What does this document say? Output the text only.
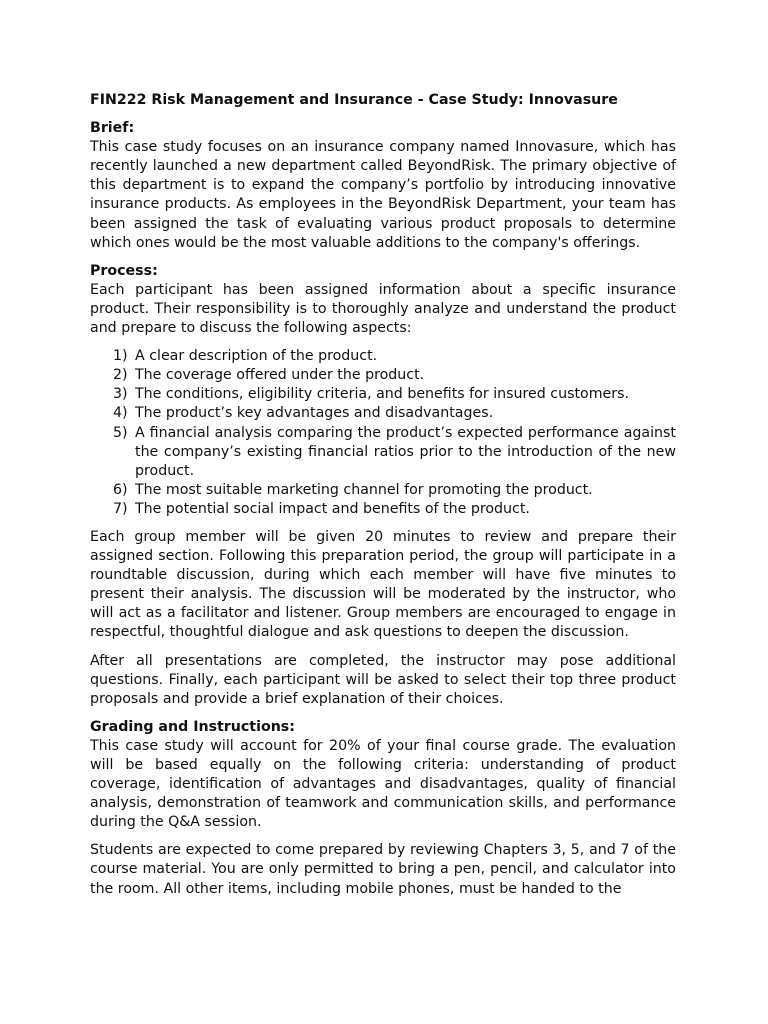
FIN222 Risk Management and Insurance - Case Study: Innovasure
Brief:

This case study focuses on an insurance company named Innovasure, which has recently launched a new department called BeyondRisk. The primary objective of this department is to expand the company’s portfolio by introducing innovative insurance products. As employees in the BeyondRisk Department, your team has been assigned the task of evaluating various product proposals to determine which ones would be the most valuable additions to the company's offerings.

Process:

Each participant has been assigned information about a specific insurance product. Their responsibility is to thoroughly analyze and understand the product and prepare to discuss the following aspects:

1) A clear description of the product.
2) The coverage offered under the product.
3) The conditions, eligibility criteria, and benefits for insured customers.
4) The product’s key advantages and disadvantages.
5) A financial analysis comparing the product’s expected performance against the company’s existing financial ratios prior to the introduction of the new product.
6) The most suitable marketing channel for promoting the product.
7) The potential social impact and benefits of the product.

Each group member will be given 20 minutes to review and prepare their assigned section. Following this preparation period, the group will participate in a roundtable discussion, during which each member will have five minutes to present their analysis. The discussion will be moderated by the instructor, who will act as a facilitator and listener. Group members are encouraged to engage in respectful, thoughtful dialogue and ask questions to deepen the discussion.

After all presentations are completed, the instructor may pose additional questions. Finally, each participant will be asked to select their top three product proposals and provide a brief explanation of their choices.

Grading and Instructions:

This case study will account for 20% of your final course grade. The evaluation will be based equally on the following criteria: understanding of product coverage, identification of advantages and disadvantages, quality of financial analysis, demonstration of teamwork and communication skills, and performance during the Q&A session.

Students are expected to come prepared by reviewing Chapters 3, 5, and 7 of the course material. You are only permitted to bring a pen, pencil, and calculator into the room. All other items, including mobile phones, must be handed to the
